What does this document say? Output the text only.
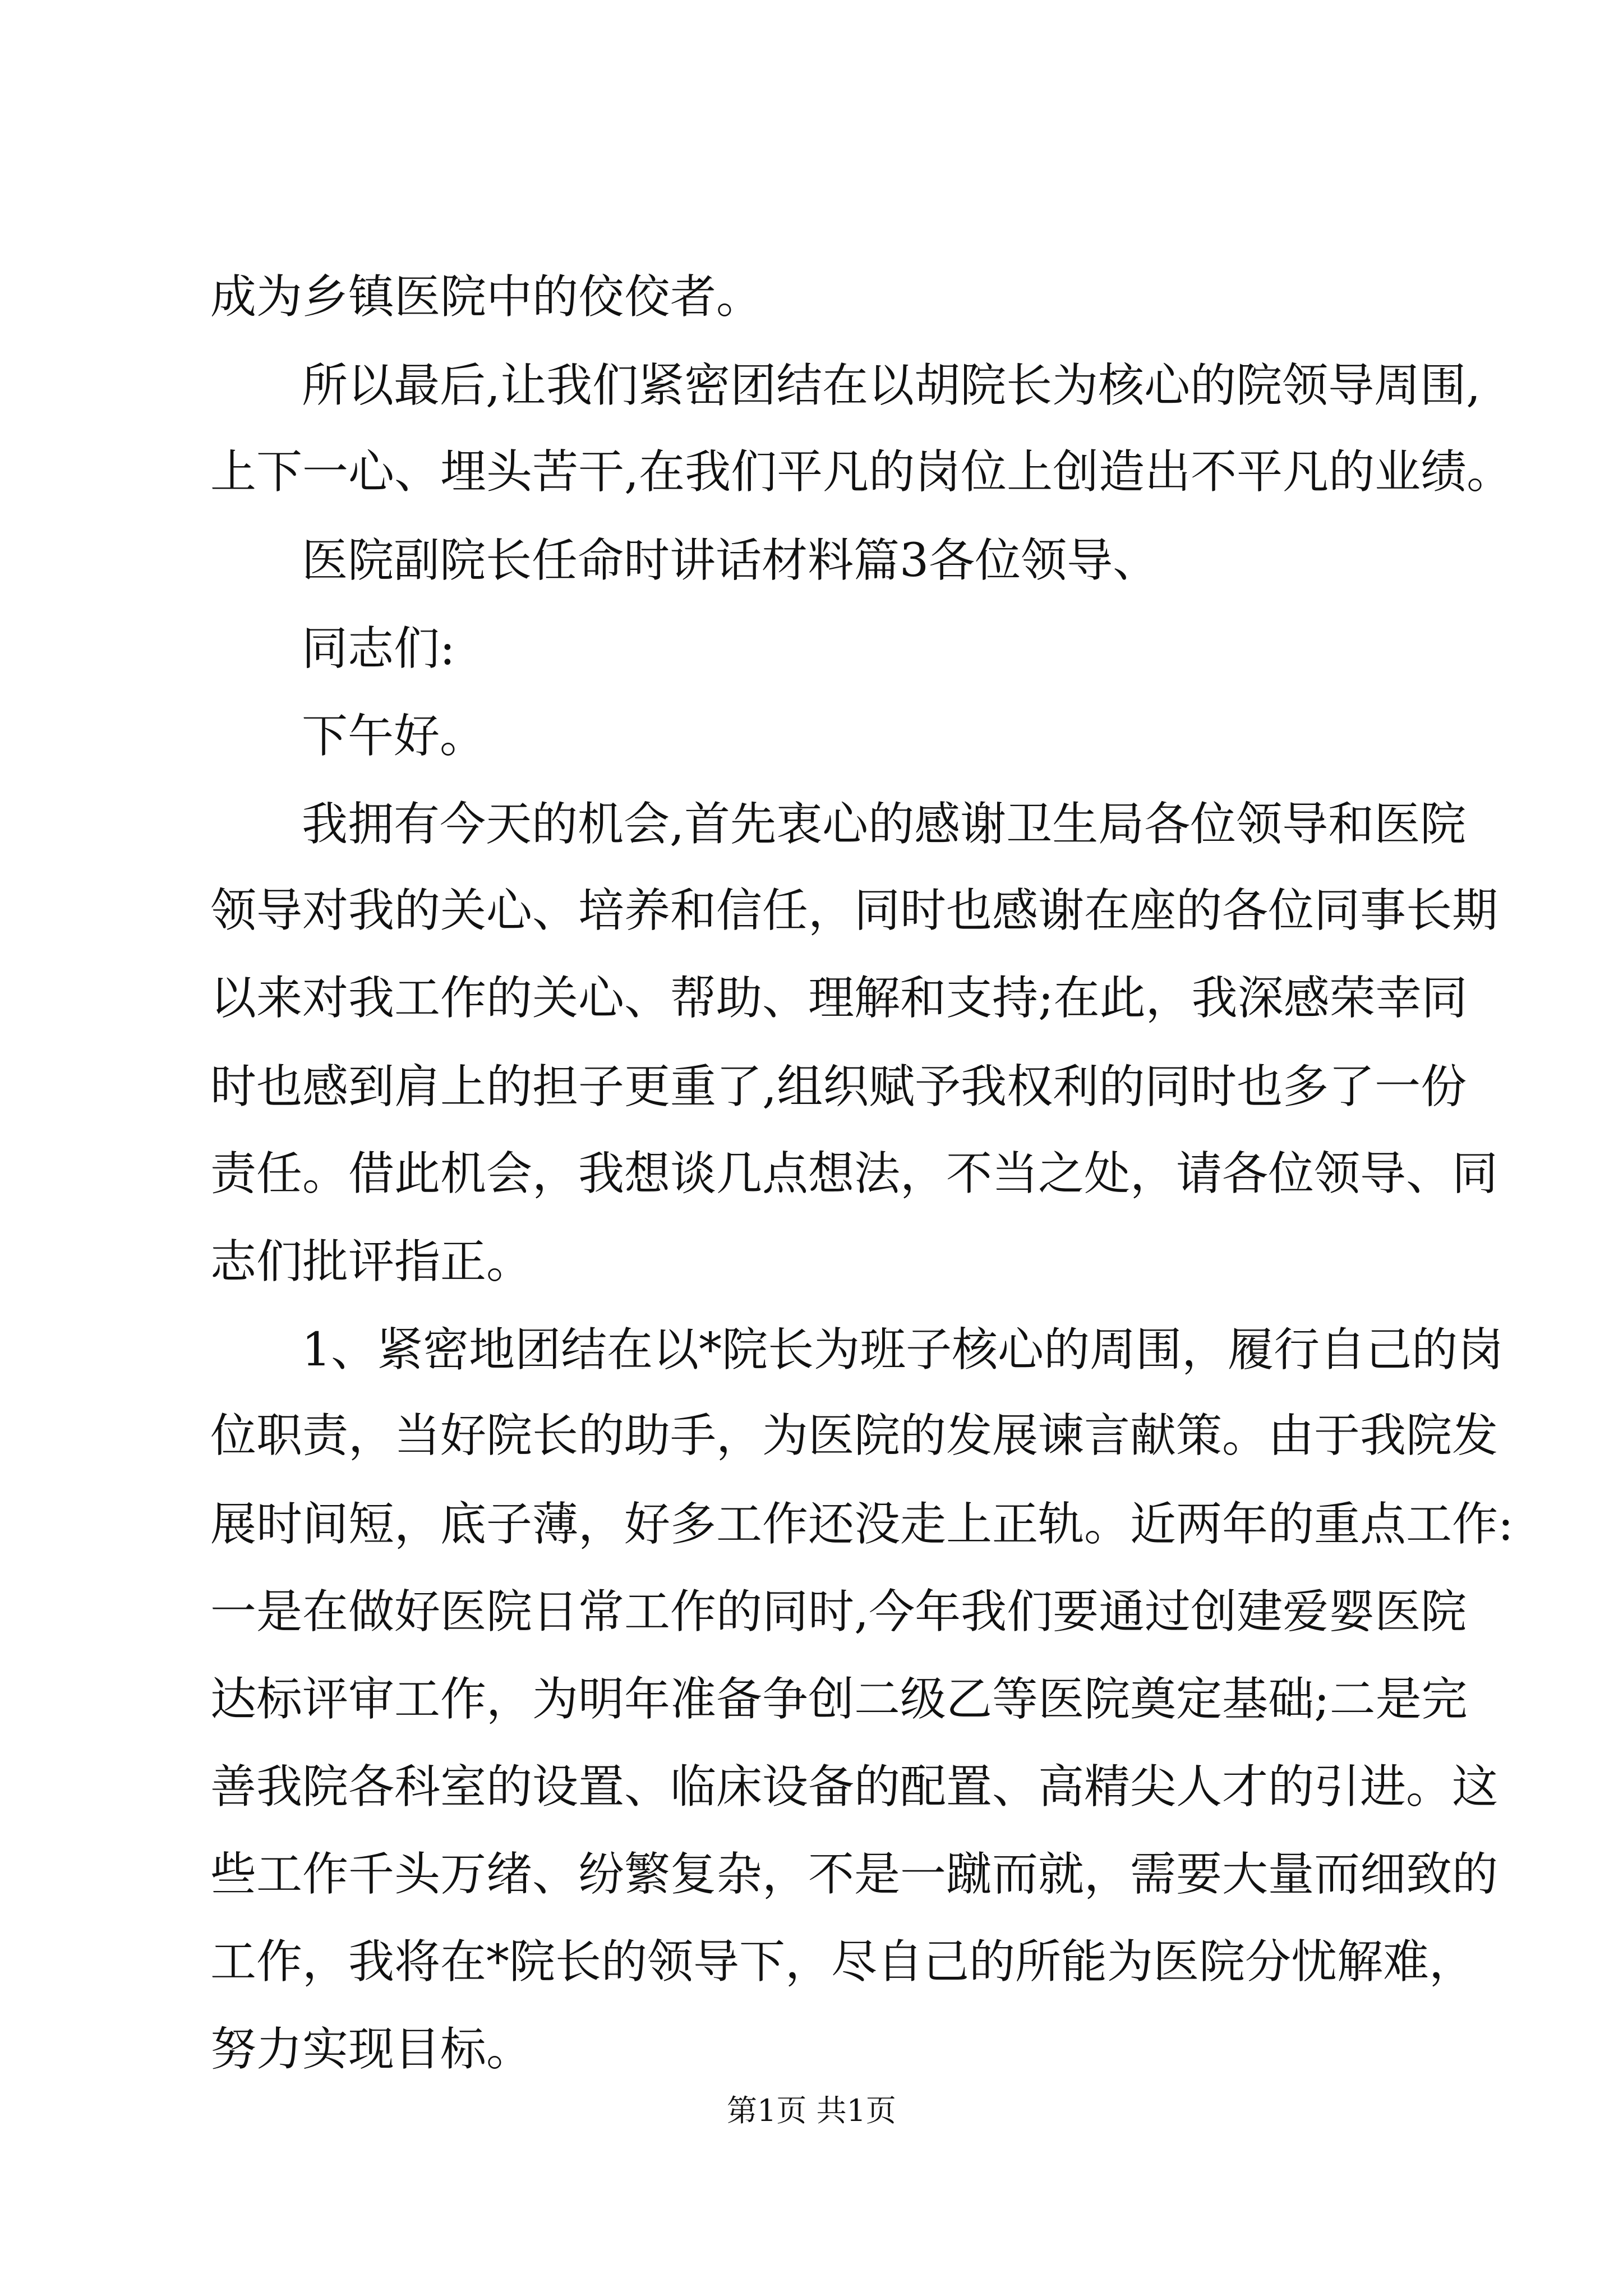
成为乡镇医院中的佼佼者。
所以最后,让我们紧密团结在以胡院长为核心的院领导周围,
上下一心、埋头苦干,在我们平凡的岗位上创造出不平凡的业绩。
医院副院长任命时讲话材料篇3各位领导、
同志们:
下午好。
我拥有今天的机会,首先衷心的感谢卫生局各位领导和医院
领导对我的关心、培养和信任，同时也感谢在座的各位同事长期
以来对我工作的关心、帮助、理解和支持;在此，我深感荣幸同
时也感到肩上的担子更重了,组织赋予我权利的同时也多了一份
责任。借此机会，我想谈几点想法，不当之处，请各位领导、同
志们批评指正。
1、紧密地团结在以*院长为班子核心的周围，履行自己的岗
位职责，当好院长的助手，为医院的发展谏言献策。由于我院发
展时间短，底子薄，好多工作还没走上正轨。近两年的重点工作:
一是在做好医院日常工作的同时,今年我们要通过创建爱婴医院
达标评审工作，为明年准备争创二级乙等医院奠定基础;二是完
善我院各科室的设置、临床设备的配置、高精尖人才的引进。这
些工作千头万绪、纷繁复杂，不是一蹴而就，需要大量而细致的
工作，我将在*院长的领导下，尽自己的所能为医院分忧解难，
努力实现目标。
第1页 共1页
